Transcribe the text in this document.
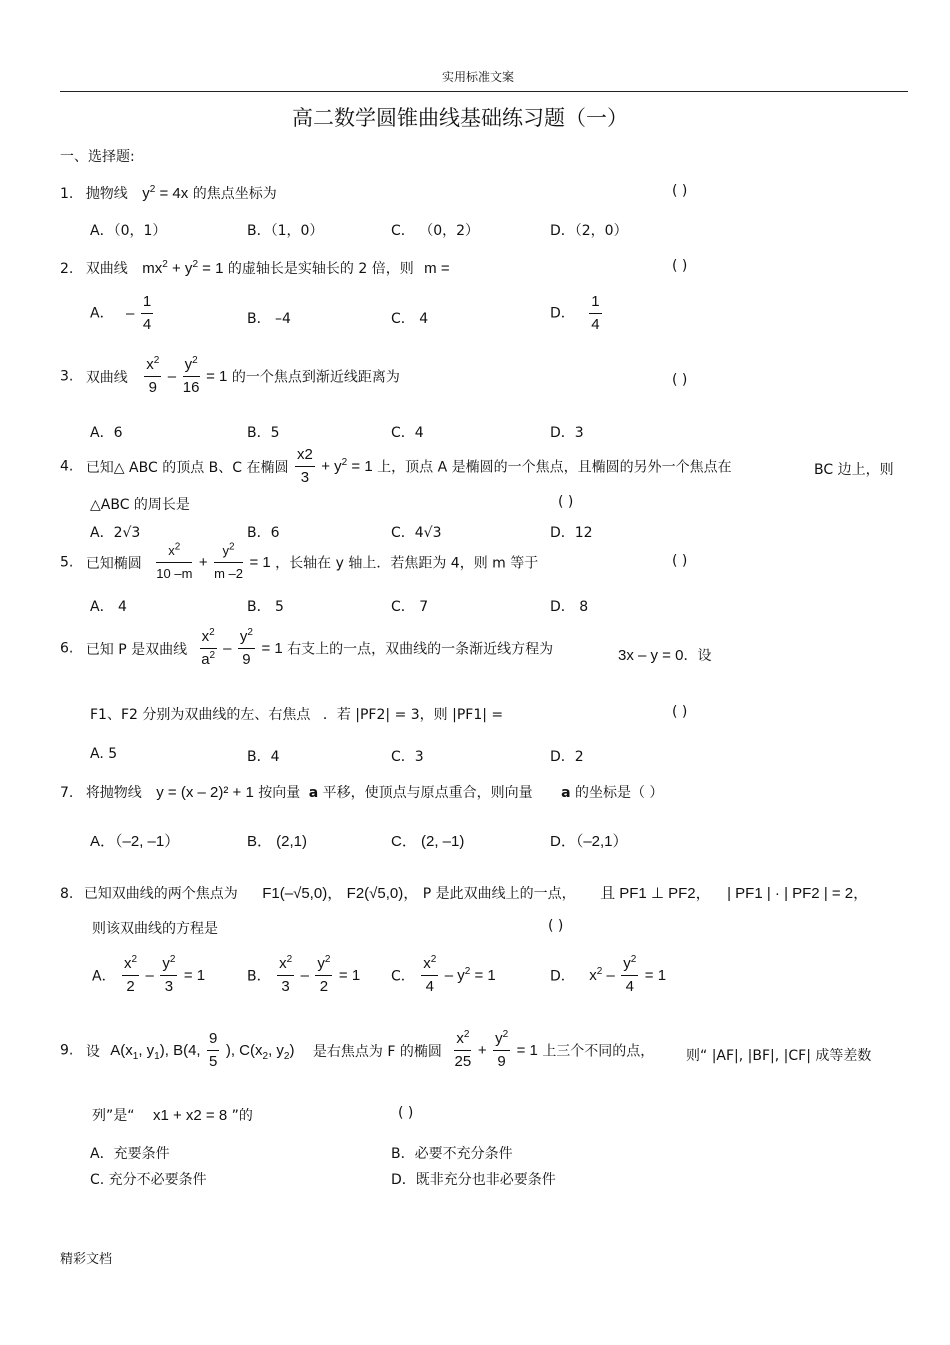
实用标准文案
高二数学圆锥曲线基础练习题（一）
一、选择题:
1. 抛物线 $y^2 = 4x$ 的焦点坐标为	( )
A．（0，1）	B．（1，0）	C． （0，2）	D．（2，0）
2. 双曲线 $mx^2 + y^2 = 1$ 的虚轴长是实轴长的 2 倍，则 m =	( )
A． – $\frac{1}{4}$	B． –4	C． 4	D． $\frac{1}{4}$
3. 双曲线 $\frac{x^2}{9} - \frac{y^2}{16} = 1$ 的一个焦点到渐近线距离为	( )
A．6	B．5	C．4	D．3
4. 已知△ ABC 的顶点 B、C 在椭圆 $\frac{x2}{3} + y^2 = 1$ 上，顶点 A 是椭圆的一个焦点，且椭圆的另外一个焦点在	BC 边上，则
△ABC 的周长是	( )
A．2√3	B．6	C．4√3	D．12
5. 已知椭圆 $\frac{x^2}{10 -m} + \frac{y^2}{m -2} = 1$ ，长轴在 y 轴上．若焦距为 4，则 m 等于	( )
A． 4	B． 5	C． 7	D． 8
6. 已知 P 是双曲线 $\frac{x^2}{a^2} - \frac{y^2}{9} = 1$ 右支上的一点，双曲线的一条渐近线方程为	3x – y = 0．设
F1、F2 分别为双曲线的左、右焦点 ．若 |PF2| = 3，则 |PF1| =	( )
A. 5	B．4	C．3	D．2
7. 将抛物线 y = (x – 2)² + 1 按向量 a 平移，使顶点与原点重合，则向量 a 的坐标是（ ）
A．（–2, –1）	B． (2,1)	C． (2, –1)	D．（–2,1）
8. 已知双曲线的两个焦点为 F1(–√5,0)， F2(√5,0)， P 是此双曲线上的一点， 且 PF1 ⊥ PF2， | PF1 | · | PF2 | = 2，
则该双曲线的方程是	( )
A． $\frac{x^2}{2} - \frac{y^2}{3} = 1$	B． $\frac{x^2}{3} - \frac{y^2}{2} = 1$ C． $\frac{x^2}{4} - y^2 = 1$	D． $x^2 - \frac{y^2}{4} = 1$
9. 设 $A(x_1$, $y_1$), B(4, $\frac{9}{5}$ ), $C(x_2$, $y_2$) 是右焦点为 F 的椭圆 $\frac{x^2}{25} + \frac{y^2}{9} = 1$ 上三个不同的点， 则“ |AF|, |BF|, |CF| 成等差数
列”是“ x1 + x2 = 8 ”的	( )
A．充要条件	B．必要不充分条件
C. 充分不必要条件	D．既非充分也非必要条件
精彩文档
